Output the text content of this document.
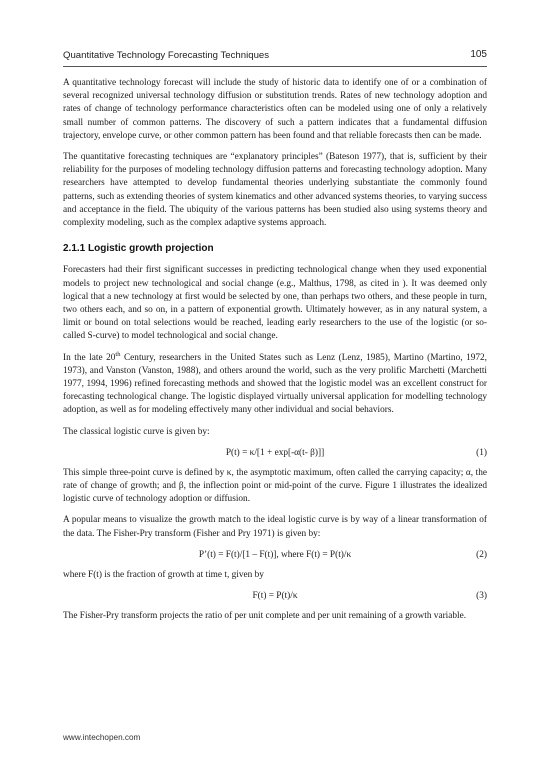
Quantitative Technology Forecasting Techniques	105

A quantitative technology forecast will include the study of historic data to identify one of or a combination of several recognized universal technology diffusion or substitution trends. Rates of new technology adoption and rates of change of technology performance characteristics often can be modeled using one of only a relatively small number of common patterns. The discovery of such a pattern indicates that a fundamental diffusion trajectory, envelope curve, or other common pattern has been found and that reliable forecasts then can be made.

The quantitative forecasting techniques are “explanatory principles” (Bateson 1977), that is, sufficient by their reliability for the purposes of modeling technology diffusion patterns and forecasting technology adoption. Many researchers have attempted to develop fundamental theories underlying substantiate the commonly found patterns, such as extending theories of system kinematics and other advanced systems theories, to varying success and acceptance in the field. The ubiquity of the various patterns has been studied also using systems theory and complexity modeling, such as the complex adaptive systems approach.

2.1.1 Logistic growth projection

Forecasters had their first significant successes in predicting technological change when they used exponential models to project new technological and social change (e.g., Malthus, 1798, as cited in ). It was deemed only logical that a new technology at first would be selected by one, than perhaps two others, and these people in turn, two others each, and so on, in a pattern of exponential growth. Ultimately however, as in any natural system, a limit or bound on total selections would be reached, leading early researchers to the use of the logistic (or so-called S-curve) to model technological and social change.

In the late 20th Century, researchers in the United States such as Lenz (Lenz, 1985), Martino (Martino, 1972, 1973), and Vanston (Vanston, 1988), and others around the world, such as the very prolific Marchetti (Marchetti 1977, 1994, 1996) refined forecasting methods and showed that the logistic model was an excellent construct for forecasting technological change. The logistic displayed virtually universal application for modelling technology adoption, as well as for modeling effectively many other individual and social behaviors.

The classical logistic curve is given by:

P(t) = κ/[1 + exp[-α(t- β)]]	(1)

This simple three-point curve is defined by κ, the asymptotic maximum, often called the carrying capacity; α, the rate of change of growth; and β, the inflection point or mid-point of the curve. Figure 1 illustrates the idealized logistic curve of technology adoption or diffusion.

A popular means to visualize the growth match to the ideal logistic curve is by way of a linear transformation of the data. The Fisher-Pry transform (Fisher and Pry 1971) is given by:

P’(t) = F(t)/[1 – F(t)], where F(t) = P(t)/κ	(2)

where F(t) is the fraction of growth at time t, given by

F(t) = P(t)/κ	(3)

The Fisher-Pry transform projects the ratio of per unit complete and per unit remaining of a growth variable.

www.intechopen.com
